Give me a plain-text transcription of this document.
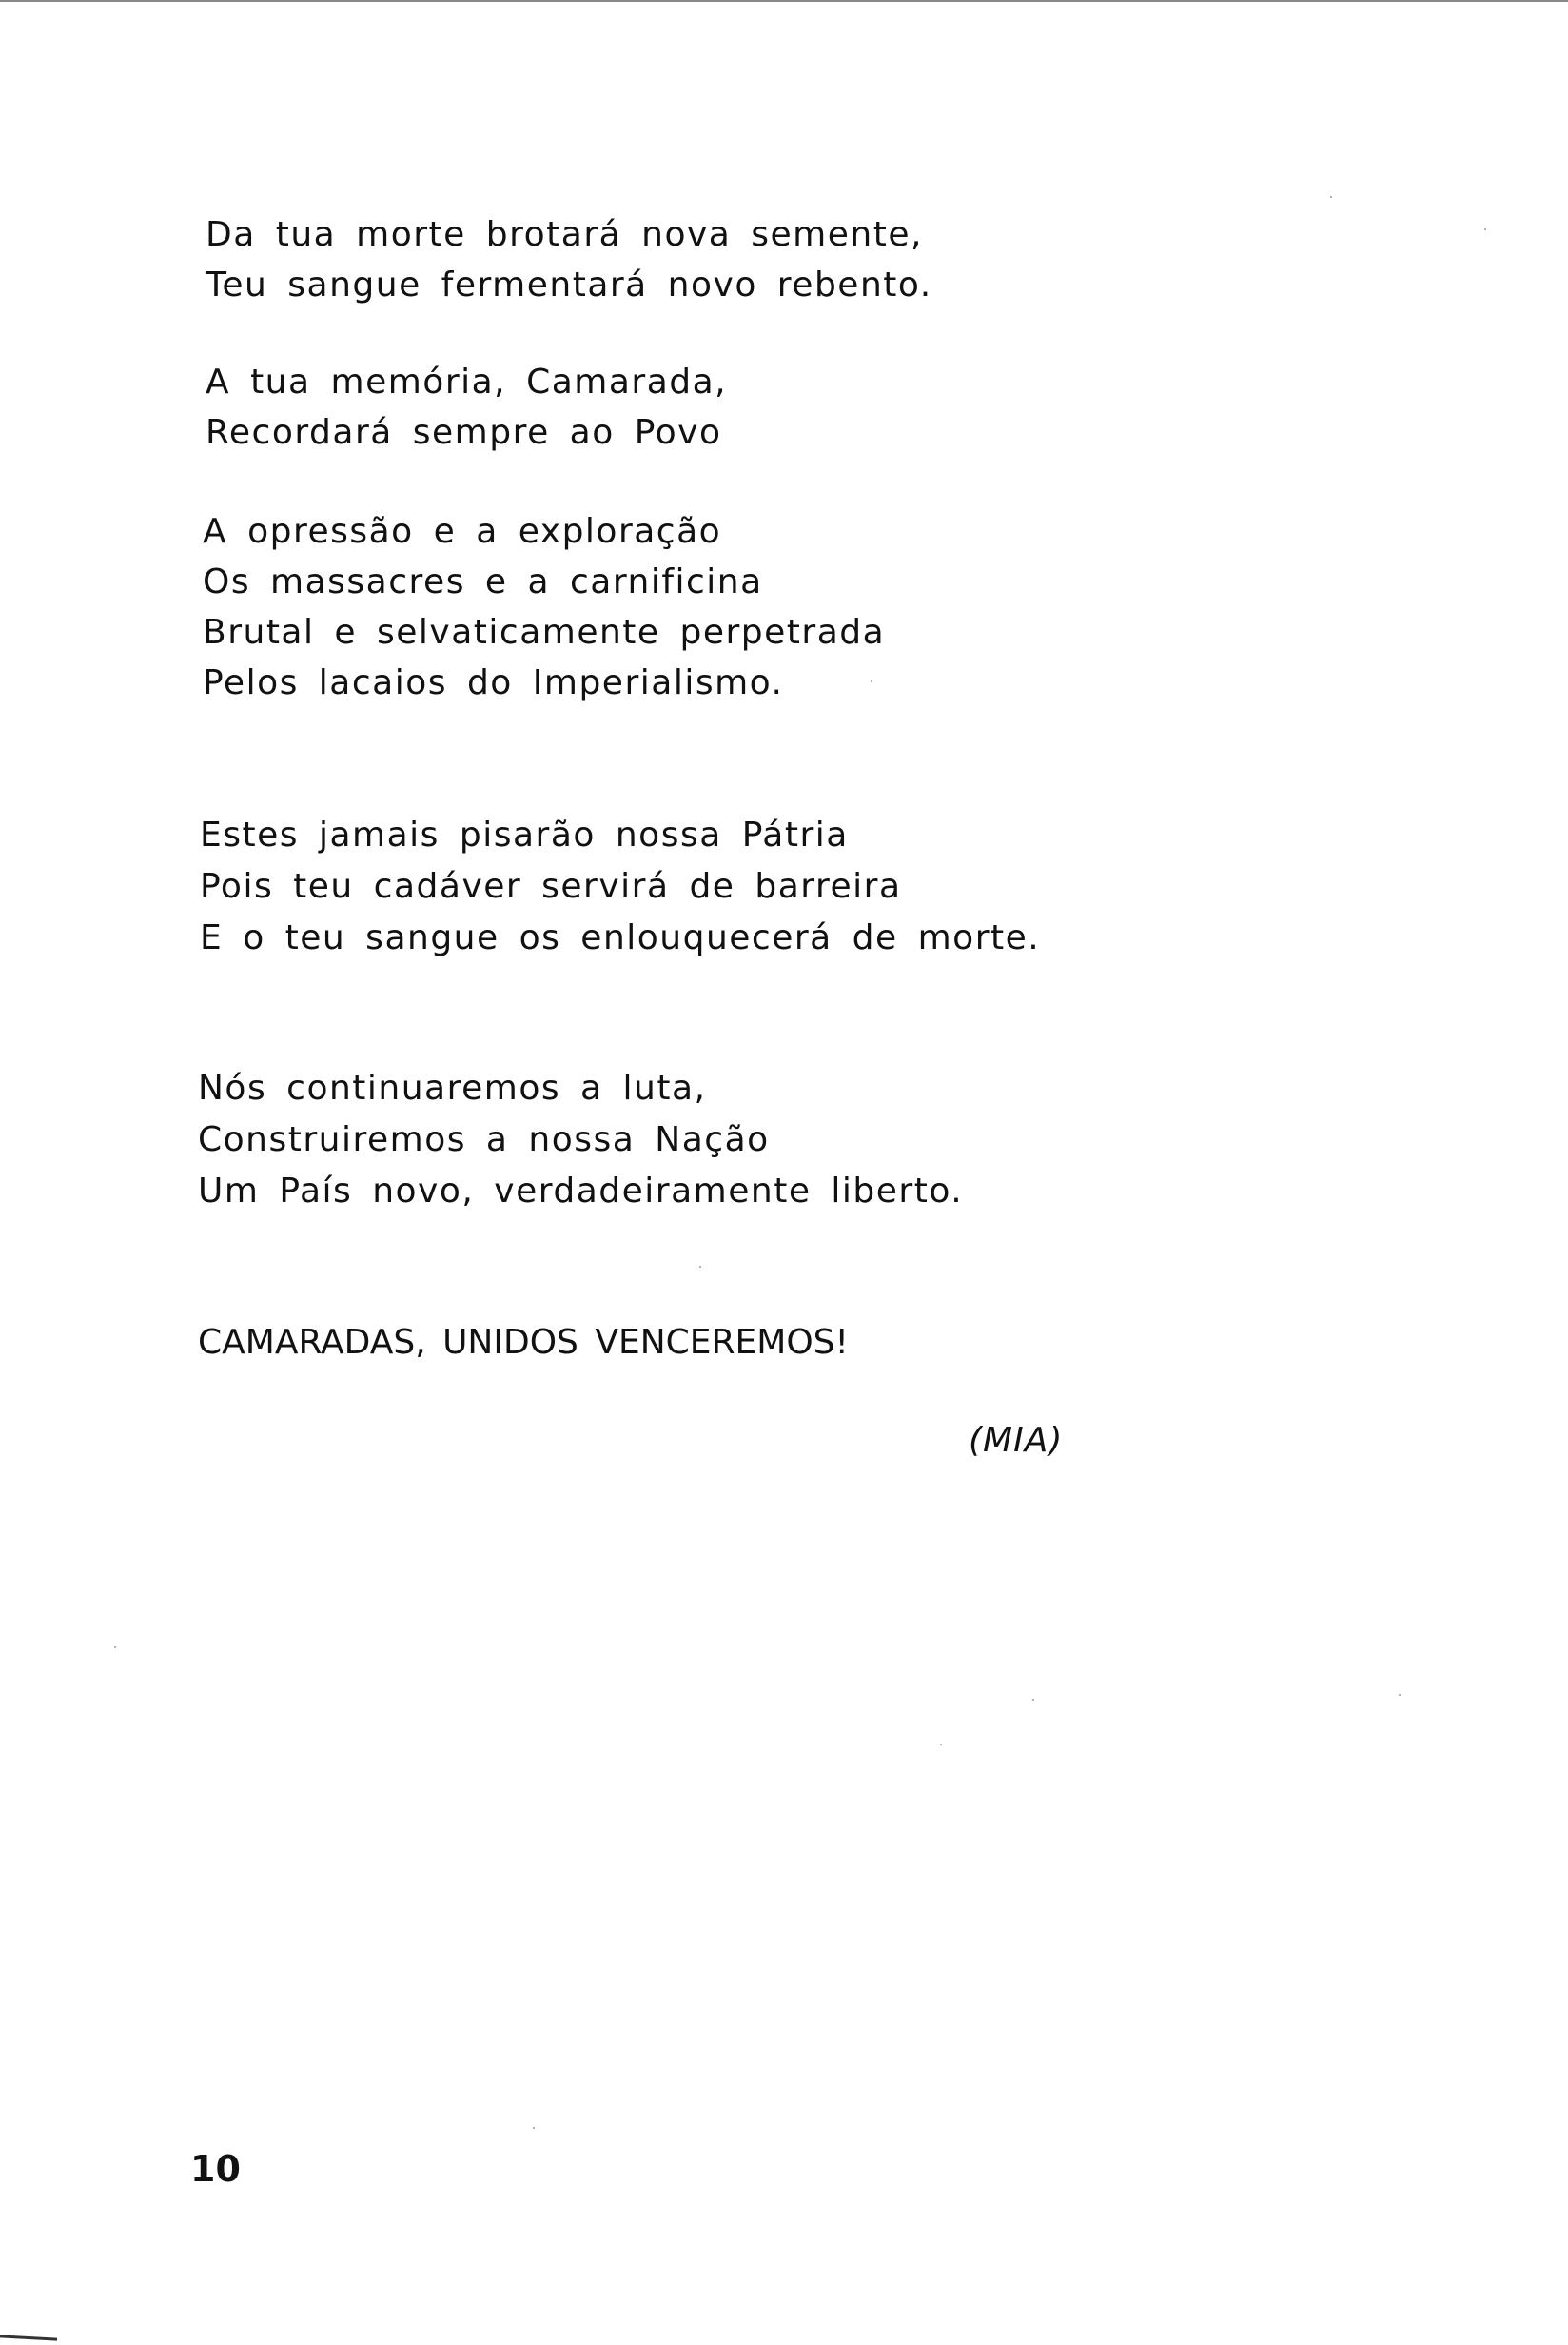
Da tua morte brotará nova semente,
Teu sangue fermentará novo rebento.
A tua memória, Camarada,
Recordará sempre ao Povo
A opressão e a exploração
Os massacres e a carnificina
Brutal e selvaticamente perpetrada
Pelos lacaios do Imperialismo.
Estes jamais pisarão nossa Pátria
Pois teu cadáver servirá de barreira
E o teu sangue os enlouquecerá de morte.
Nós continuaremos a luta,
Construiremos a nossa Nação
Um País novo, verdadeiramente liberto.
CAMARADAS, UNIDOS VENCEREMOS!
(MIA)
10
